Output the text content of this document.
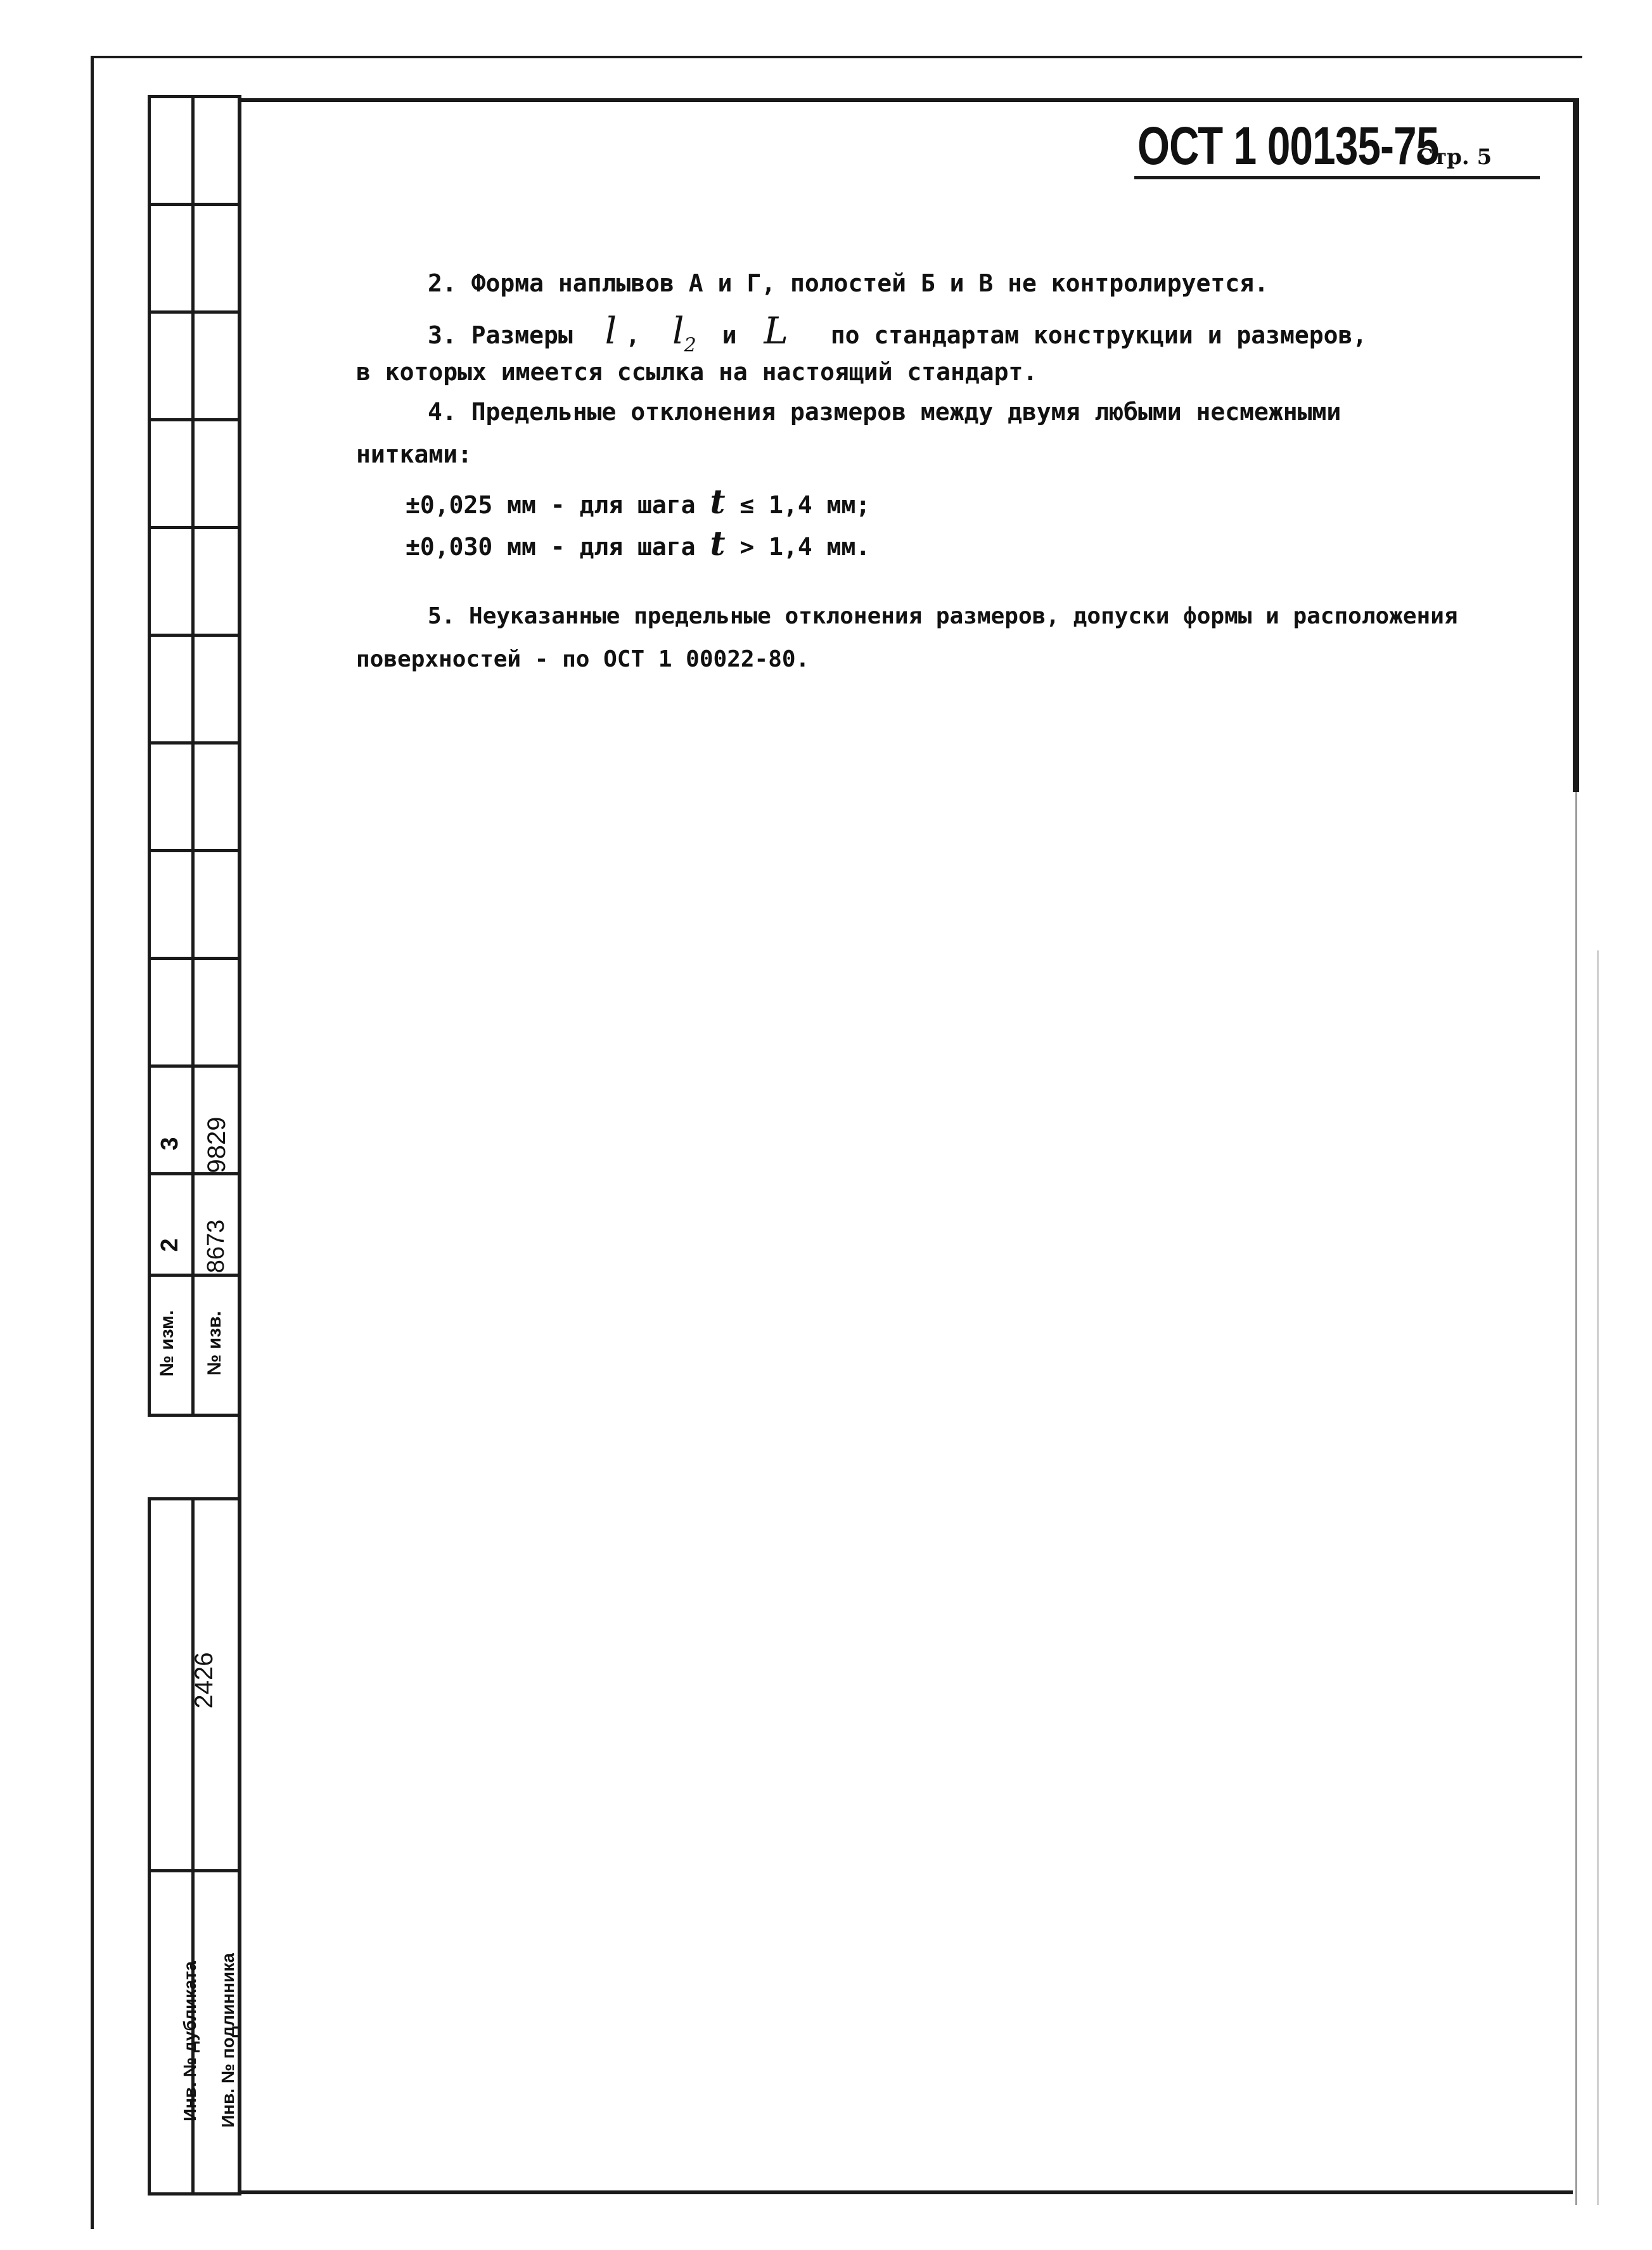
ОСТ 1 00135-75
Стр. 5
2. Форма наплывов А и Г, полостей Б и В не контролируется.
3. Размеры l , $l_2$ и L по стандартам конструкции и размеров,
в которых имеется ссылка на настоящий стандарт.
4. Предельные отклонения размеров между двумя любыми несмежными
нитками:
±0,025 мм - для шага t ≤ 1,4 мм;
±0,030 мм - для шага t > 1,4 мм.
5. Неуказанные предельные отклонения размеров, допуски формы и расположения
поверхностей - по ОСТ 1 00022-80.
3 9829
2 8673
№ изм. № изв.
Инв. № дубликата Инв. № подлинника
2426
